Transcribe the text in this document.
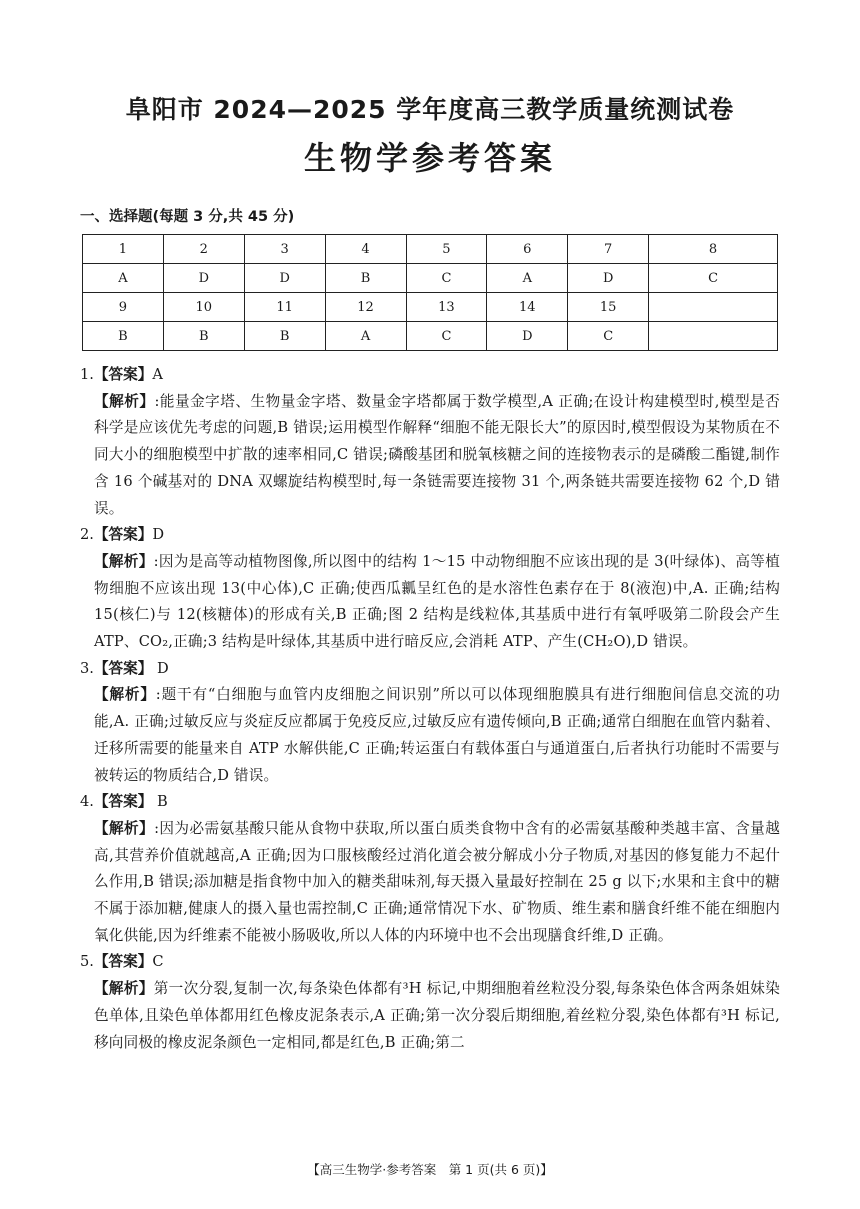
阜阳市 2024—2025 学年度高三教学质量统测试卷
生物学参考答案
一、选择题(每题 3 分,共 45 分)
1	2	3	4	5	6	7	8
A	D	D	B	C	A	D	C
9	10	11	12	13	14	15	
B	B	B	A	C	D	C	

1.【答案】A

【解析】:能量金字塔、生物量金字塔、数量金字塔都属于数学模型,A 正确;在设计构建模型时,模型是否科学是应该优先考虑的问题,B 错误;运用模型作解释“细胞不能无限长大”的原因时,模型假设为某物质在不同大小的细胞模型中扩散的速率相同,C 错误;磷酸基团和脱氧核糖之间的连接物表示的是磷酸二酯键,制作含 16 个碱基对的 DNA 双螺旋结构模型时,每一条链需要连接物 31 个,两条链共需要连接物 62 个,D 错误。

2.【答案】D

【解析】:因为是高等动植物图像,所以图中的结构 1～15 中动物细胞不应该出现的是 3(叶绿体)、高等植物细胞不应该出现 13(中心体),C 正确;使西瓜瓤呈红色的是水溶性色素存在于 8(液泡)中,A. 正确;结构 15(核仁)与 12(核糖体)的形成有关,B 正确;图 2 结构是线粒体,其基质中进行有氧呼吸第二阶段会产生 ATP、CO₂,正确;3 结构是叶绿体,其基质中进行暗反应,会消耗 ATP、产生(CH₂O),D 错误。

3.【答案】 D

【解析】:题干有“白细胞与血管内皮细胞之间识别”所以可以体现细胞膜具有进行细胞间信息交流的功能,A. 正确;过敏反应与炎症反应都属于免疫反应,过敏反应有遗传倾向,B 正确;通常白细胞在血管内黏着、迁移所需要的能量来自 ATP 水解供能,C 正确;转运蛋白有载体蛋白与通道蛋白,后者执行功能时不需要与被转运的物质结合,D 错误。

4.【答案】 B

【解析】:因为必需氨基酸只能从食物中获取,所以蛋白质类食物中含有的必需氨基酸种类越丰富、含量越高,其营养价值就越高,A 正确;因为口服核酸经过消化道会被分解成小分子物质,对基因的修复能力不起什么作用,B 错误;添加糖是指食物中加入的糖类甜味剂,每天摄入量最好控制在 25 g 以下;水果和主食中的糖不属于添加糖,健康人的摄入量也需控制,C 正确;通常情况下水、矿物质、维生素和膳食纤维不能在细胞内氧化供能,因为纤维素不能被小肠吸收,所以人体的内环境中也不会出现膳食纤维,D 正确。

5.【答案】C

【解析】第一次分裂,复制一次,每条染色体都有³H 标记,中期细胞着丝粒没分裂,每条染色体含两条姐妹染色单体,且染色单体都用红色橡皮泥条表示,A 正确;第一次分裂后期细胞,着丝粒分裂,染色体都有³H 标记,移向同极的橡皮泥条颜色一定相同,都是红色,B 正确;第二

【高三生物学·参考答案　第 1 页(共 6 页)】
